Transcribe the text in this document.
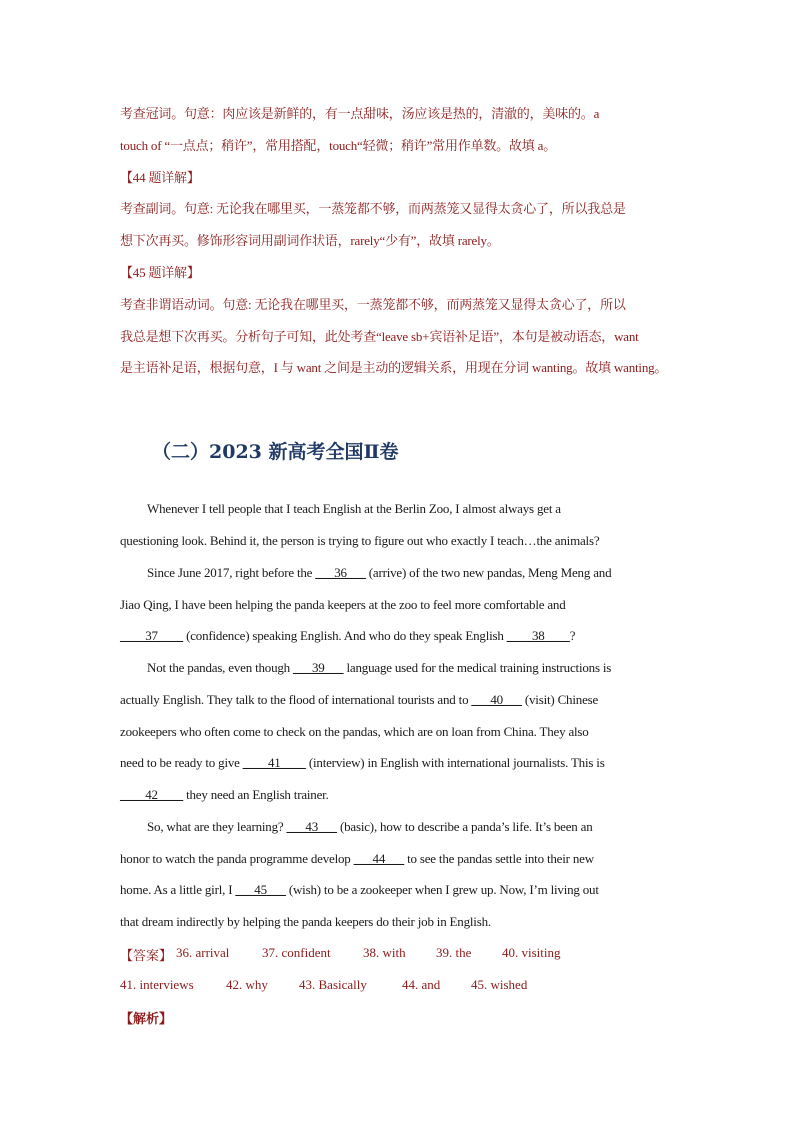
考查冠词。句意：肉应该是新鲜的，有一点甜味，汤应该是热的，清澈的，美味的。a
touch of “一点点；稍许”，常用搭配，touch“轻微；稍许”常用作单数。故填 a。
【44 题详解】
考查副词。句意: 无论我在哪里买，一蒸笼都不够，而两蒸笼又显得太贪心了，所以我总是
想下次再买。修饰形容词用副词作状语，rarely“少有”，故填 rarely。
【45 题详解】
考查非谓语动词。句意: 无论我在哪里买，一蒸笼都不够，而两蒸笼又显得太贪心了，所以
我总是想下次再买。分析句子可知，此处考查“leave sb+宾语补足语”，本句是被动语态，want
是主语补足语，根据句意，I 与 want 之间是主动的逻辑关系，用现在分词 wanting。故填 wanting。
（二）2023 新高考全国Ⅱ卷
Whenever I tell people that I teach English at the Berlin Zoo, I almost always get a
questioning look. Behind it, the person is trying to figure out who exactly I teach…the animals?
Since June 2017, right before the ___36___ (arrive) of the two new pandas, Meng Meng and
Jiao Qing, I have been helping the panda keepers at the zoo to feel more comfortable and
____37____ (confidence) speaking English. And who do they speak English ____38____?
Not the pandas, even though ___39___ language used for the medical training instructions is
actually English. They talk to the flood of international tourists and to ___40___ (visit) Chinese
zookeepers who often come to check on the pandas, which are on loan from China. They also
need to be ready to give ____41____ (interview) in English with international journalists. This is
____42____ they need an English trainer.
So, what are they learning? ___43___ (basic), how to describe a panda’s life. It’s been an
honor to watch the panda programme develop ___44___ to see the pandas settle into their new
home. As a little girl, I ___45___ (wish) to be a zookeeper when I grew up. Now, I’m living out
that dream indirectly by helping the panda keepers do their job in English.
【答案】 36. arrival	37. confident 38. with 39. the 40. visiting
41. interviews 42. why 43. Basically	44. and 45. wished
【解析】
